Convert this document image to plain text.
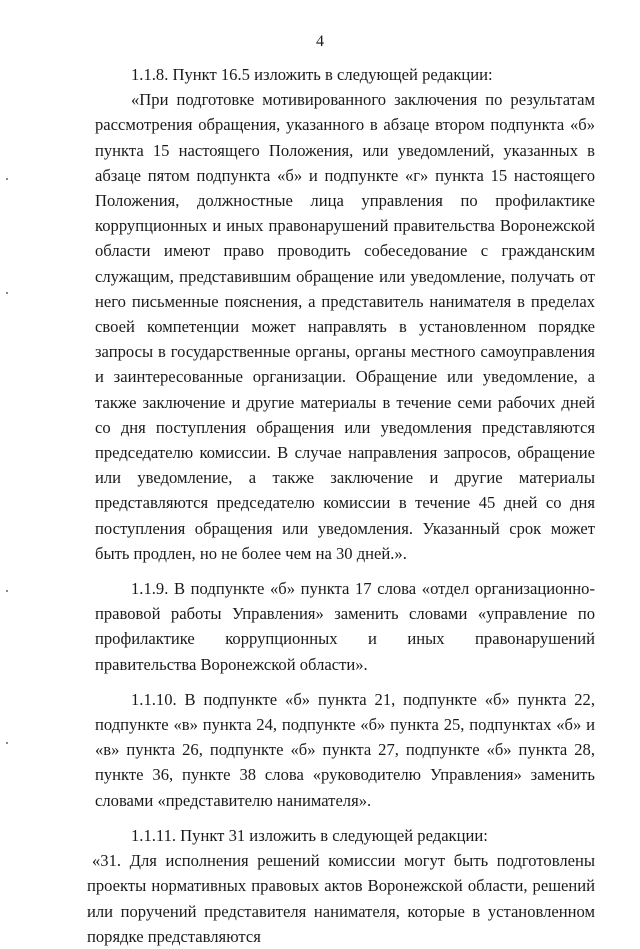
4

1.1.8. Пункт 16.5 изложить в следующей редакции:

«При подготовке мотивированного заключения по результатам рассмотрения обращения, указанного в абзаце втором подпункта «б» пункта 15 настоящего Положения, или уведомлений, указанных в абзаце пятом подпункта «б» и подпункте «г» пункта 15 настоящего Положения, должностные лица управления по профилактике коррупционных и иных правонарушений правительства Воронежской области имеют право проводить собеседование с гражданским служащим, представившим обращение или уведомление, получать от него письменные пояснения, а представитель нанимателя в пределах своей компетенции может направлять в установленном порядке запросы в государственные органы, органы местного самоуправления и заинтересованные организации. Обращение или уведомление, а также заключение и другие материалы в течение семи рабочих дней со дня поступления обращения или уведомления представляются председателю комиссии. В случае направления запросов, обращение или уведомление, а также заключение и другие материалы представляются председателю комиссии в течение 45 дней со дня поступления обращения или уведомления. Указанный срок может быть продлен, но не более чем на 30 дней.».

1.1.9. В подпункте «б» пункта 17 слова «отдел организационно-правовой работы Управления» заменить словами «управление по профилактике коррупционных и иных правонарушений правительства Воронежской области».

1.1.10. В подпункте «б» пункта 21, подпункте «б» пункта 22, подпункте «в» пункта 24, подпункте «б» пункта 25, подпунктах «б» и «в» пункта 26, подпункте «б» пункта 27, подпункте «б» пункта 28, пункте 36, пункте 38 слова «руководителю Управления» заменить словами «представителю нанимателя».

1.1.11. Пункт 31 изложить в следующей редакции:

«31. Для исполнения решений комиссии могут быть подготовлены проекты нормативных правовых актов Воронежской области, решений или поручений представителя нанимателя, которые в установленном порядке представляются
